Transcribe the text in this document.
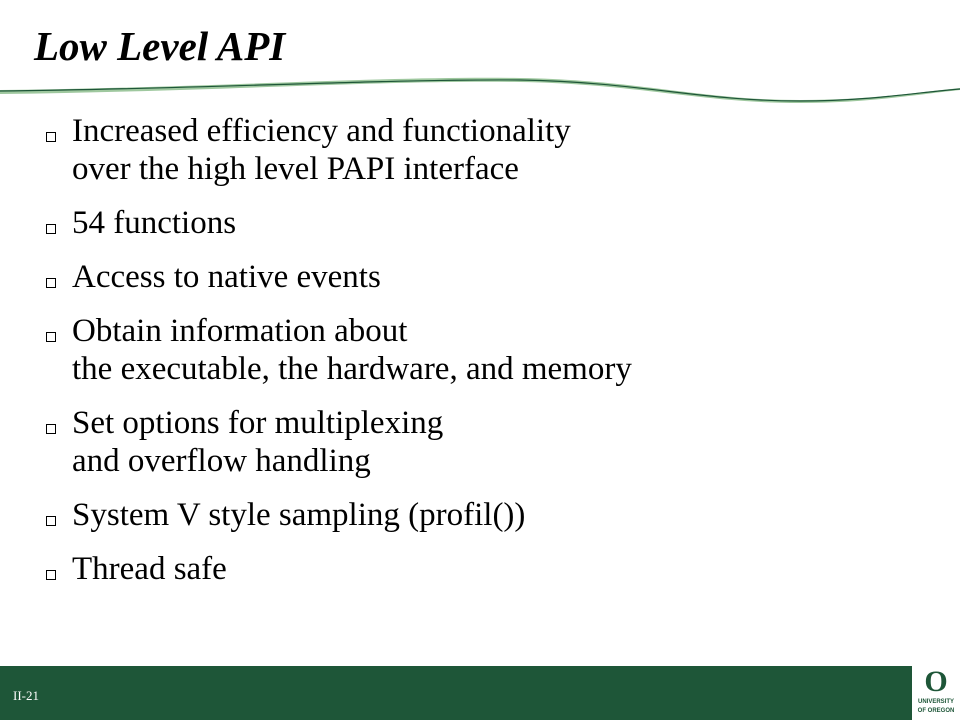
Low Level API
Increased efficiency and functionality
over the high level PAPI interface
54 functions
Access to native events
Obtain information about
the executable, the hardware, and memory
Set options for multiplexing
and overflow handling
System V style sampling (profil())
Thread safe
II-21	O
UNIVERSITY
OF OREGON
